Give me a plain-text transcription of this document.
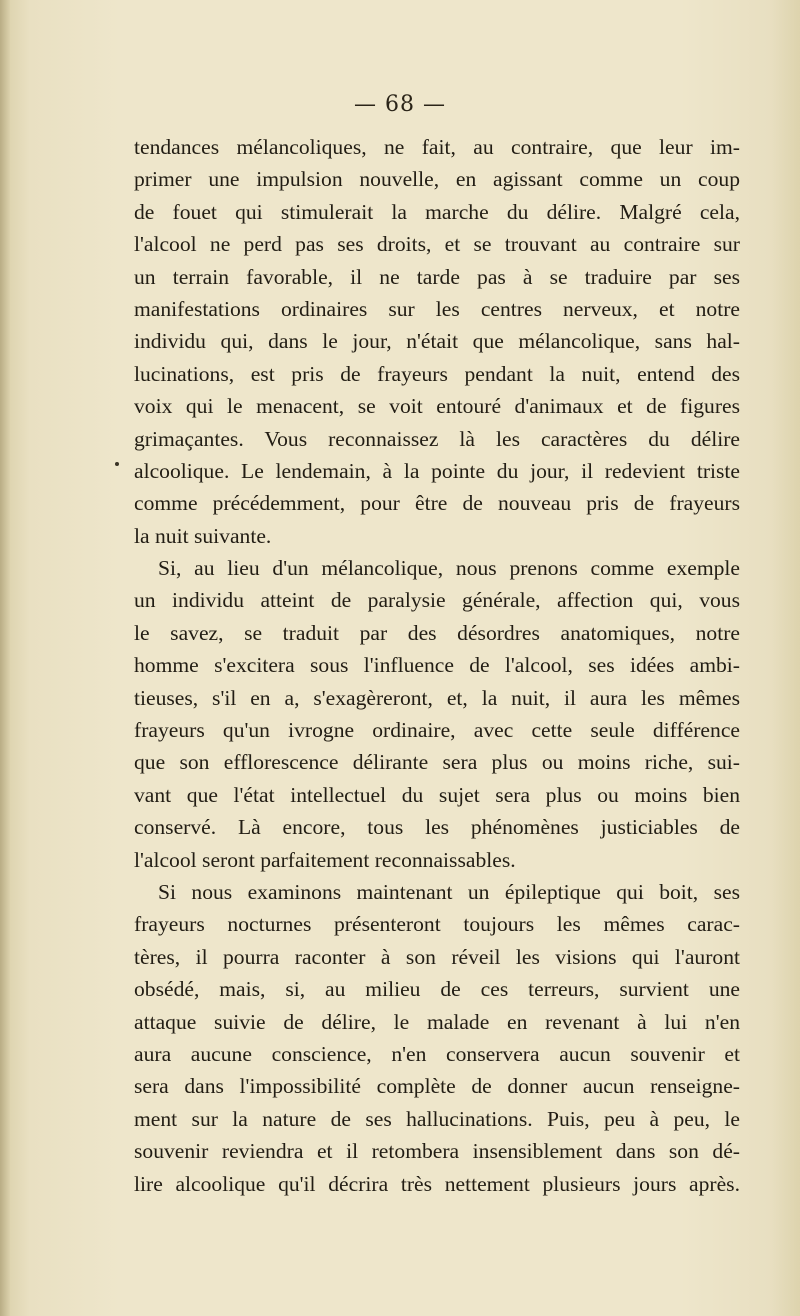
— 68 —
tendances mélancoliques, ne fait, au contraire, que leur im-
primer une impulsion nouvelle, en agissant comme un coup
de fouet qui stimulerait la marche du délire. Malgré cela,
l'alcool ne perd pas ses droits, et se trouvant au contraire sur
un terrain favorable, il ne tarde pas à se traduire par ses
manifestations ordinaires sur les centres nerveux, et notre
individu qui, dans le jour, n'était que mélancolique, sans hal-
lucinations, est pris de frayeurs pendant la nuit, entend des
voix qui le menacent, se voit entouré d'animaux et de figures
grimaçantes. Vous reconnaissez là les caractères du délire
alcoolique. Le lendemain, à la pointe du jour, il redevient triste
comme précédemment, pour être de nouveau pris de frayeurs
la nuit suivante.
Si, au lieu d'un mélancolique, nous prenons comme exemple
un individu atteint de paralysie générale, affection qui, vous
le savez, se traduit par des désordres anatomiques, notre
homme s'excitera sous l'influence de l'alcool, ses idées ambi-
tieuses, s'il en a, s'exagèreront, et, la nuit, il aura les mêmes
frayeurs qu'un ivrogne ordinaire, avec cette seule différence
que son efflorescence délirante sera plus ou moins riche, sui-
vant que l'état intellectuel du sujet sera plus ou moins bien
conservé. Là encore, tous les phénomènes justiciables de
l'alcool seront parfaitement reconnaissables.
Si nous examinons maintenant un épileptique qui boit, ses
frayeurs nocturnes présenteront toujours les mêmes carac-
tères, il pourra raconter à son réveil les visions qui l'auront
obsédé, mais, si, au milieu de ces terreurs, survient une
attaque suivie de délire, le malade en revenant à lui n'en
aura aucune conscience, n'en conservera aucun souvenir et
sera dans l'impossibilité complète de donner aucun renseigne-
ment sur la nature de ses hallucinations. Puis, peu à peu, le
souvenir reviendra et il retombera insensiblement dans son dé-
lire alcoolique qu'il décrira très nettement plusieurs jours après.
